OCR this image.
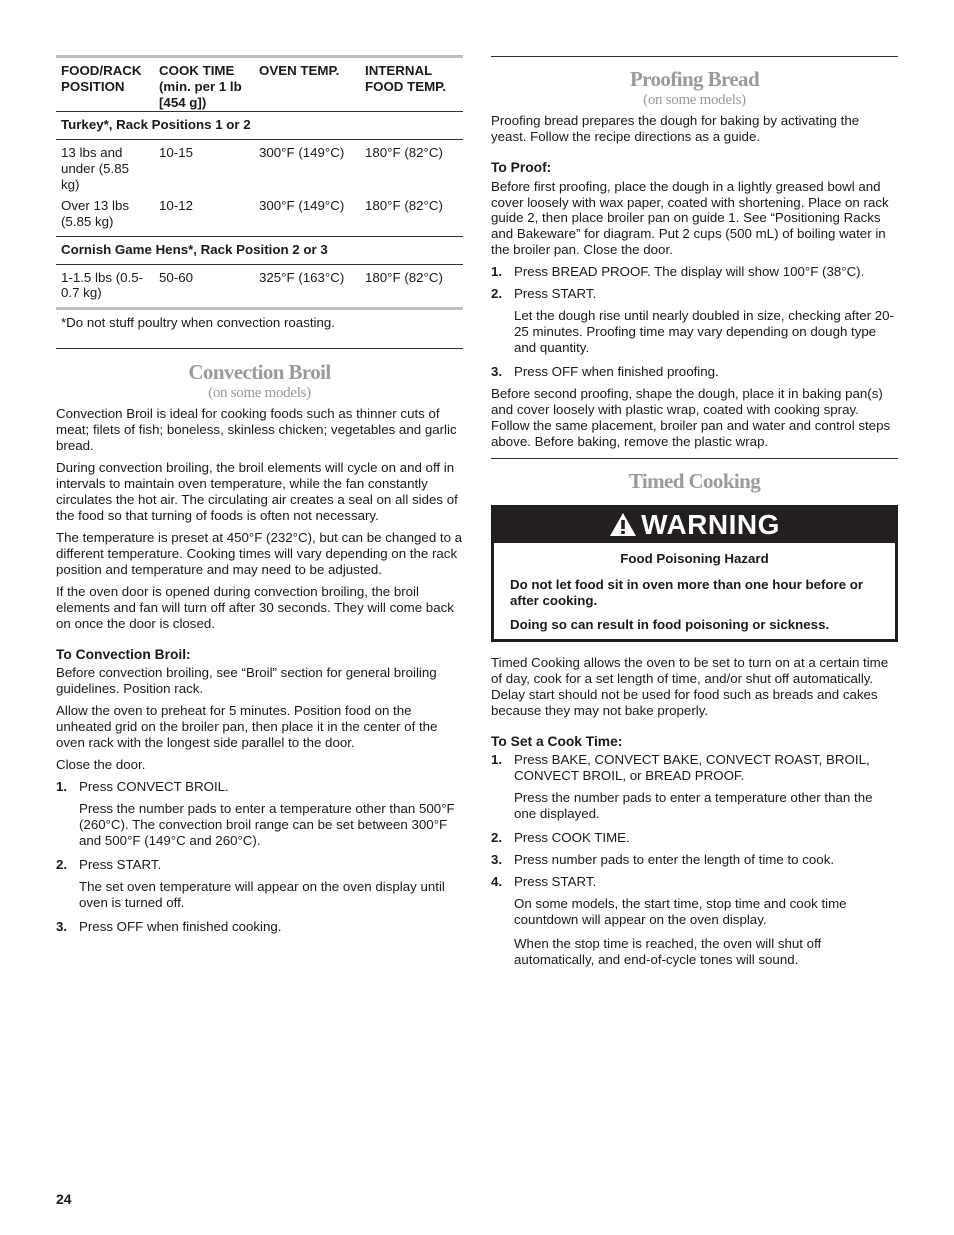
FOOD/RACK POSITION	COOK TIME (min. per 1 lb [454 g])	OVEN TEMP.	INTERNAL FOOD TEMP.

Turkey*, Rack Positions 1 or 2			

13 lbs and under (5.85 kg)	10-15	300°F (149°C)	180°F (82°C)
Over 13 lbs (5.85 kg)	10-12	300°F (149°C)	180°F (82°C)

Cornish Game Hens*, Rack Position 2 or 3			

1-1.5 lbs (0.5-0.7 kg)	50-60	325°F (163°C)	180°F (82°C)

*Do not stuff poultry when convection roasting.

Convection Broil
(on some models)

Convection Broil is ideal for cooking foods such as thinner cuts of meat; filets of fish; boneless, skinless chicken; vegetables and garlic bread.

During convection broiling, the broil elements will cycle on and off in intervals to maintain oven temperature, while the fan constantly circulates the hot air. The circulating air creates a seal on all sides of the food so that turning of foods is often not necessary.

The temperature is preset at 450°F (232°C), but can be changed to a different temperature. Cooking times will vary depending on the rack position and temperature and may need to be adjusted.

If the oven door is opened during convection broiling, the broil elements and fan will turn off after 30 seconds. They will come back on once the door is closed.

To Convection Broil:

Before convection broiling, see “Broil” section for general broiling guidelines. Position rack.

Allow the oven to preheat for 5 minutes. Position food on the unheated grid on the broiler pan, then place it in the center of the oven rack with the longest side parallel to the door.

Close the door.

1. Press CONVECT BROIL.

Press the number pads to enter a temperature other than 500°F (260°C). The convection broil range can be set between 300°F and 500°F (149°C and 260°C).

2. Press START.

The set oven temperature will appear on the oven display until oven is turned off.

3. Press OFF when finished cooking.
Proofing Bread
(on some models)

Proofing bread prepares the dough for baking by activating the yeast. Follow the recipe directions as a guide.

To Proof:

Before first proofing, place the dough in a lightly greased bowl and cover loosely with wax paper, coated with shortening. Place on rack guide 2, then place broiler pan on guide 1. See “Positioning Racks and Bakeware” for diagram. Put 2 cups (500 mL) of boiling water in the broiler pan. Close the door.

1. Press BREAD PROOF. The display will show 100°F (38°C).
2. Press START.

Let the dough rise until nearly doubled in size, checking after 20-25 minutes. Proofing time may vary depending on dough type and quantity.

3. Press OFF when finished proofing.

Before second proofing, shape the dough, place it in baking pan(s) and cover loosely with plastic wrap, coated with cooking spray. Follow the same placement, broiler pan and water and control steps above. Before baking, remove the plastic wrap.

Timed Cooking
WARNING
Food Poisoning Hazard
Do not let food sit in oven more than one hour before or after cooking.
Doing so can result in food poisoning or sickness.

Timed Cooking allows the oven to be set to turn on at a certain time of day, cook for a set length of time, and/or shut off automatically. Delay start should not be used for food such as breads and cakes because they may not bake properly.

To Set a Cook Time:
1. Press BAKE, CONVECT BAKE, CONVECT ROAST, BROIL, CONVECT BROIL, or BREAD PROOF.

Press the number pads to enter a temperature other than the one displayed.

2. Press COOK TIME.
3. Press number pads to enter the length of time to cook.
4. Press START.

On some models, the start time, stop time and cook time countdown will appear on the oven display.

When the stop time is reached, the oven will shut off automatically, and end-of-cycle tones will sound.

24
